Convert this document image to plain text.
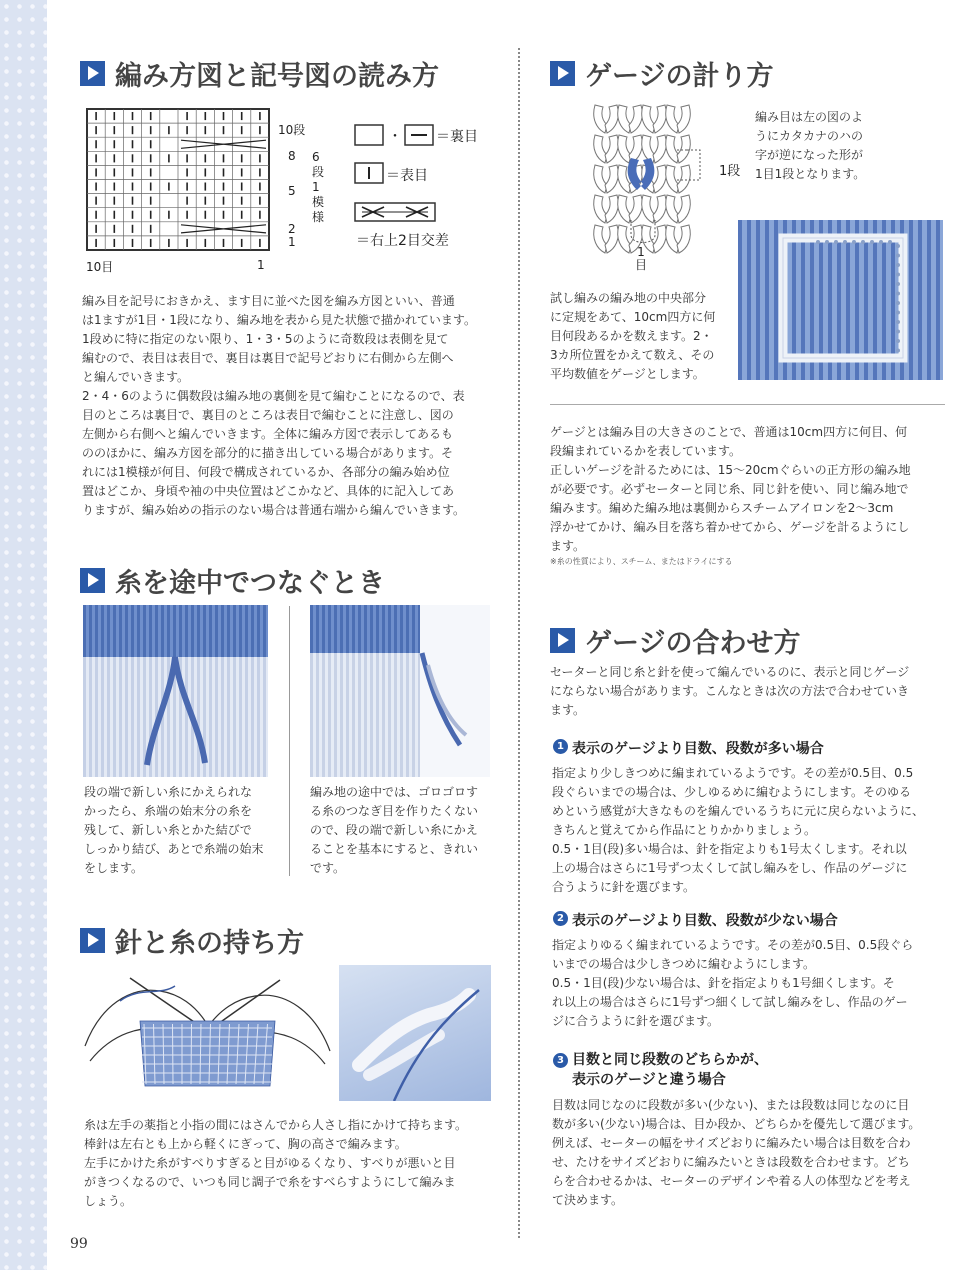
編み方図と記号図の読み方
10段
8 6段1模様
5
2
1
10目	1
・ ＝裏目
＝表目
＝右上2目交差
編み目を記号におきかえ、ます目に並べた図を編み方図といい、普通
は1ますが1目・1段になり、編み地を表から見た状態で描かれています。
1段めに特に指定のない限り、1・3・5のように奇数段は表側を見て
編むので、表目は表目で、裏目は裏目で記号どおりに右側から左側へ
と編んでいきます。
2・4・6のように偶数段は編み地の裏側を見て編むことになるので、表
目のところは裏目で、裏目のところは表目で編むことに注意し、図の
左側から右側へと編んでいきます。全体に編み方図で表示してあるも
ののほかに、編み方図を部分的に描き出している場合があります。そ
れには1模様が何目、何段で構成されているか、各部分の編み始め位
置はどこか、身頃や袖の中央位置はどこかなど、具体的に記入してあ
りますが、編み始めの指示のない場合は普通右端から編んでいきます。
糸を途中でつなぐとき
段の端で新しい糸にかえられな
かったら、糸端の始末分の糸を
残して、新しい糸とかた結びで
しっかり結び、あとで糸端の始末
をします。
編み地の途中では、ゴロゴロす
る糸のつなぎ目を作りたくない
ので、段の端で新しい糸にかえ
ることを基本にすると、きれい
です。
針と糸の持ち方
糸は左手の薬指と小指の間にはさんでから人さし指にかけて持ちます。
棒針は左右とも上から軽くにぎって、胸の高さで編みます。
左手にかけた糸がすべりすぎると目がゆるくなり、すべりが悪いと目
がきつくなるので、いつも同じ調子で糸をすべらすようにして編みま
しょう。
99
ゲージの計り方
1段
1
目
編み目は左の図のよ
うにカタカナのハの
字が逆になった形が
1目1段となります。
試し編みの編み地の中央部分
に定規をあて、10cm四方に何
目何段あるかを数えます。2・
3カ所位置をかえて数え、その
平均数値をゲージとします。
ゲージとは編み目の大きさのことで、普通は10cm四方に何目、何
段編まれているかを表しています。
正しいゲージを計るためには、15～20cmぐらいの正方形の編み地
が必要です。必ずセーターと同じ糸、同じ針を使い、同じ編み地で
編みます。編めた編み地は裏側からスチームアイロンを2～3cm
浮かせてかけ、編み目を落ち着かせてから、ゲージを計るようにし
ます。
※糸の性質により、スチーム、またはドライにする
ゲージの合わせ方
セーターと同じ糸と針を使って編んでいるのに、表示と同じゲージ
にならない場合があります。こんなときは次の方法で合わせていき
ます。
1 表示のゲージより目数、段数が多い場合
指定より少しきつめに編まれているようです。その差が0.5目、0.5
段ぐらいまでの場合は、少しゆるめに編むようにします。そのゆる
めという感覚が大きなものを編んでいるうちに元に戻らないように、
きちんと覚えてから作品にとりかかりましょう。
0.5・1目(段)多い場合は、針を指定よりも1号太くします。それ以
上の場合はさらに1号ずつ太くして試し編みをし、作品のゲージに
合うように針を選びます。
2 表示のゲージより目数、段数が少ない場合
指定よりゆるく編まれているようです。その差が0.5目、0.5段ぐら
いまでの場合は少しきつめに編むようにします。
0.5・1目(段)少ない場合は、針を指定よりも1号細くします。そ
れ以上の場合はさらに1号ずつ細くして試し編みをし、作品のゲー
ジに合うように針を選びます。
3 目数と同じ段数のどちらかが、
表示のゲージと違う場合
目数は同じなのに段数が多い(少ない)、または段数は同じなのに目
数が多い(少ない)場合は、目か段か、どちらかを優先して選びます。
例えば、セーターの幅をサイズどおりに編みたい場合は目数を合わ
せ、たけをサイズどおりに編みたいときは段数を合わせます。どち
らを合わせるかは、セーターのデザインや着る人の体型などを考え
て決めます。
